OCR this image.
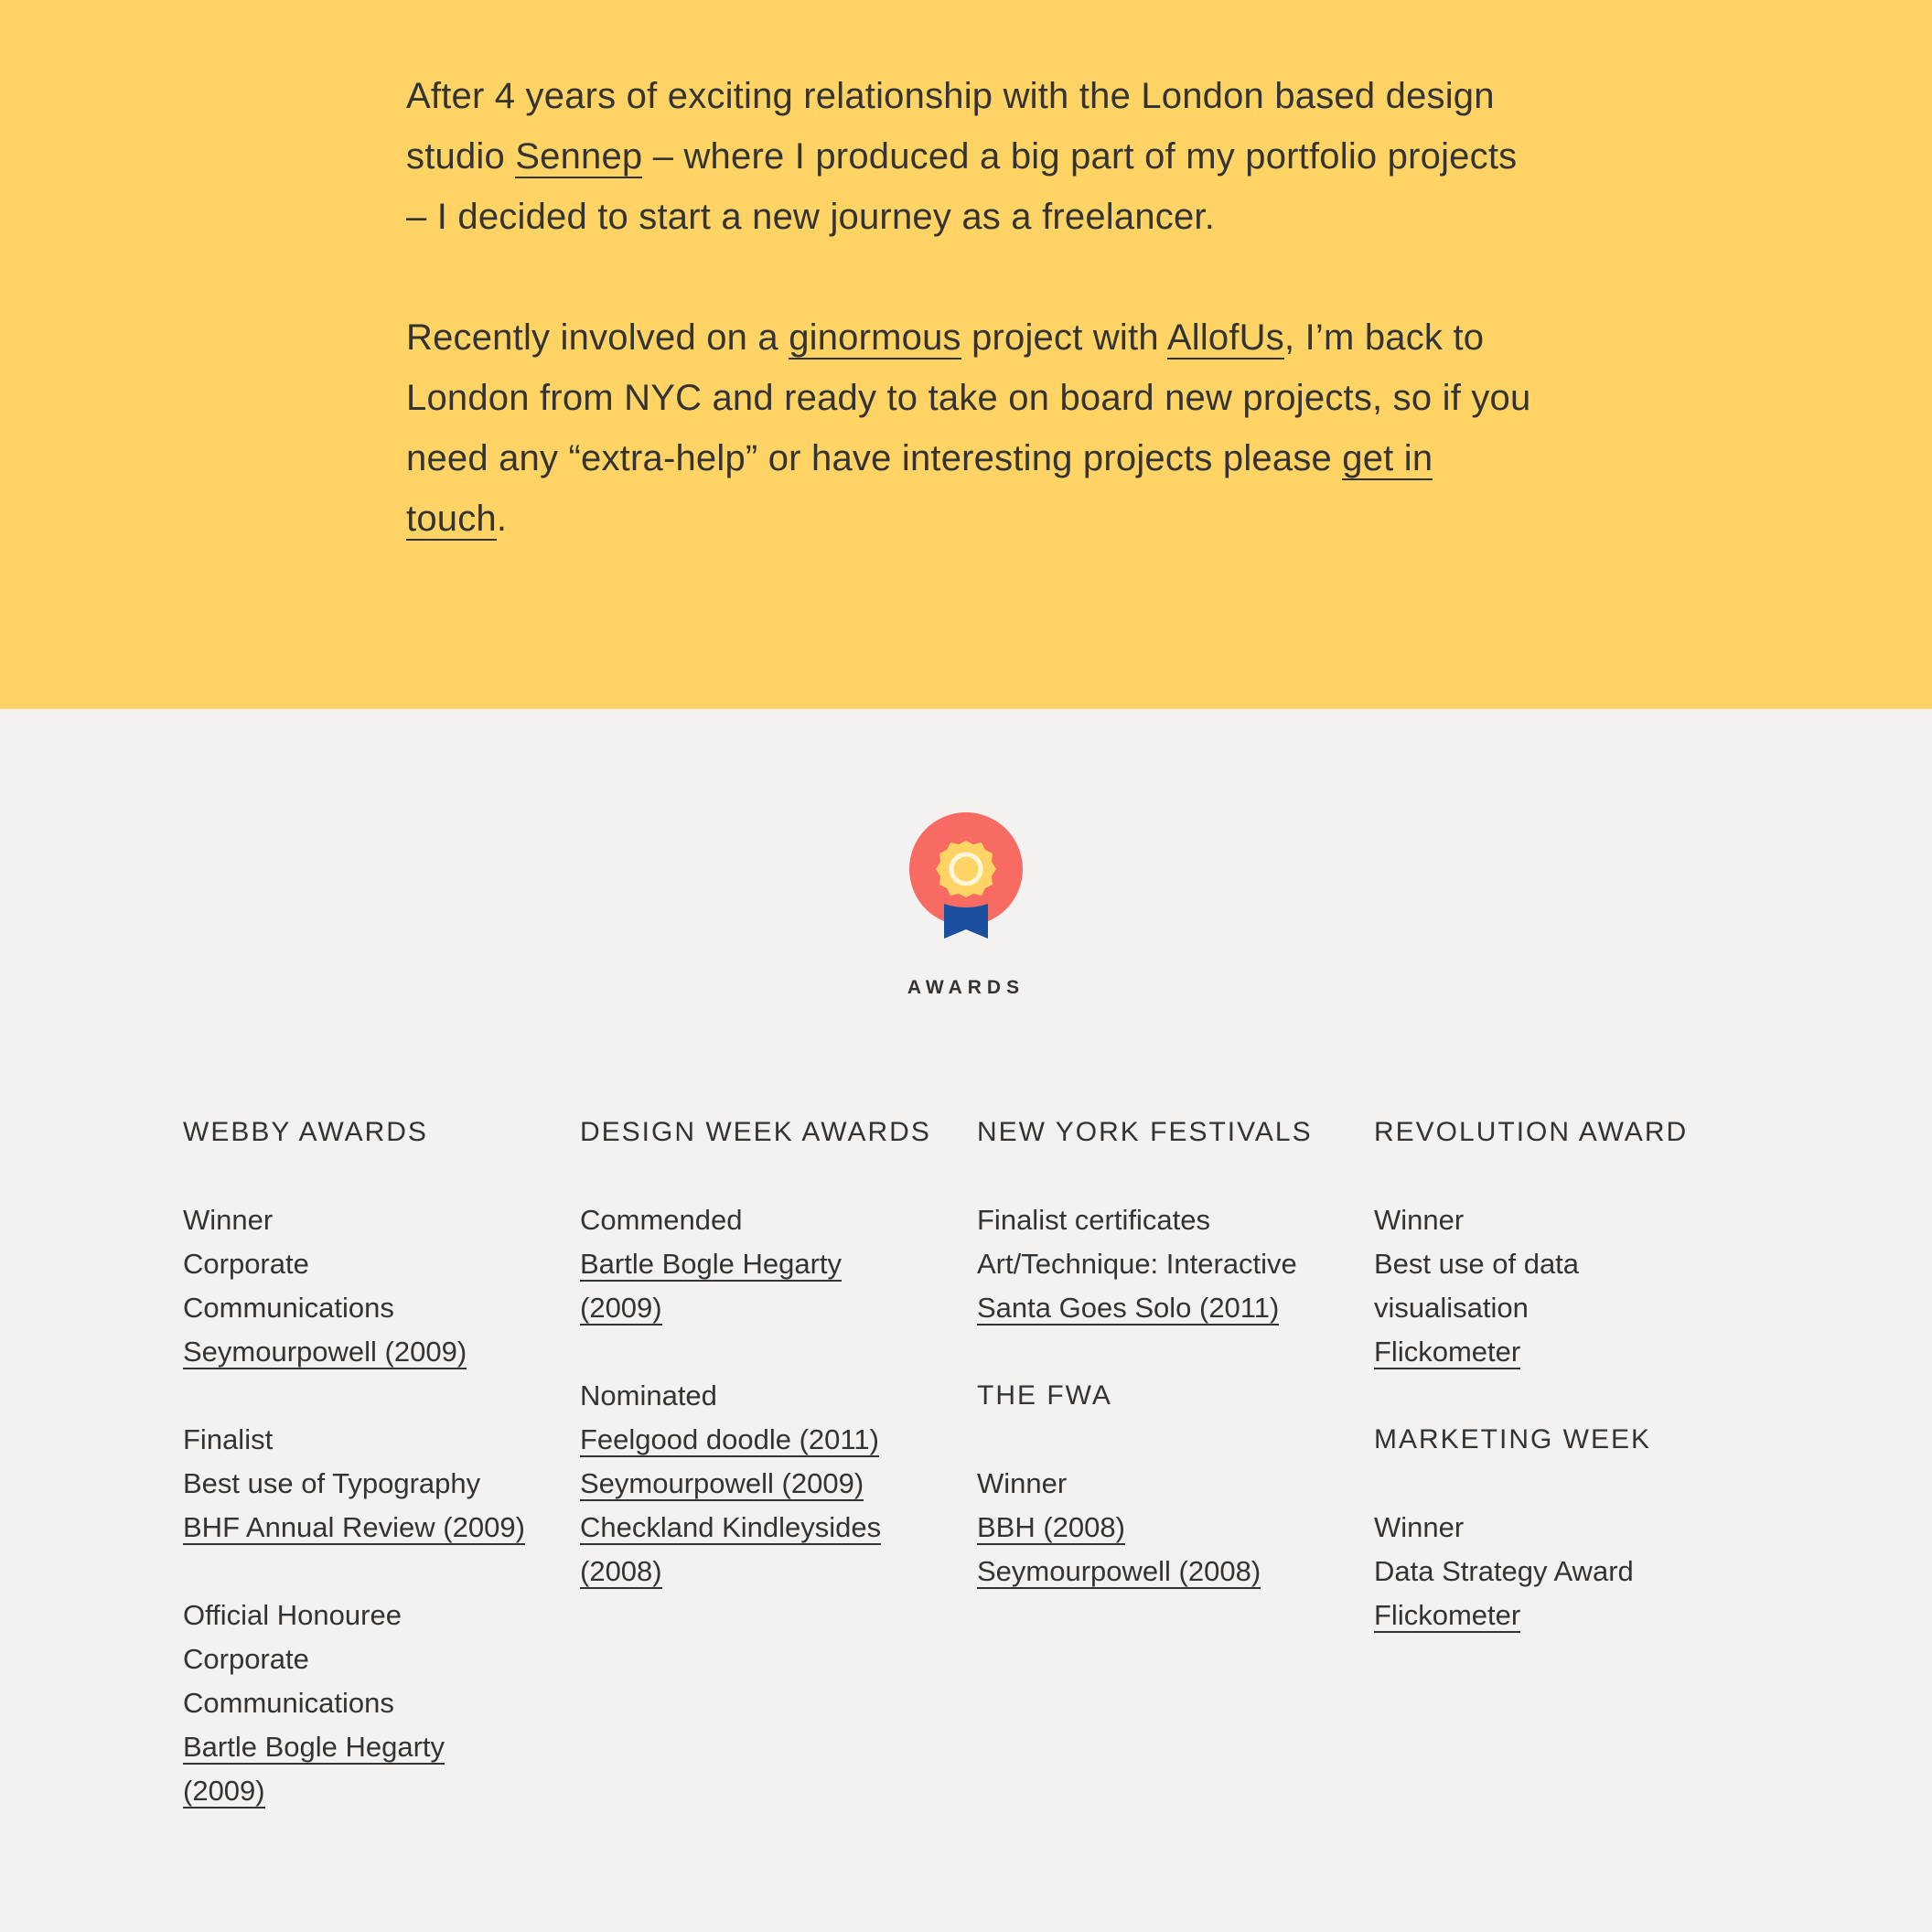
After 4 years of exciting relationship with the London based design studio Sennep – where I produced a big part of my portfolio projects – I decided to start a new journey as a freelancer.

Recently involved on a ginormous project with AllofUs, I’m back to London from NYC and ready to take on board new projects, so if you need any “extra-help” or have interesting projects please get in touch.

AWARDS
WEBBY AWARDS
Winner
Corporate
Communications
Seymourpowell (2009)
Finalist
Best use of Typography
BHF Annual Review (2009)
Official Honouree
Corporate
Communications
Bartle Bogle Hegarty
(2009)
DESIGN WEEK AWARDS
Commended
Bartle Bogle Hegarty
(2009)
Nominated
Feelgood doodle (2011)
Seymourpowell (2009)
Checkland Kindleysides
(2008)
NEW YORK FESTIVALS
Finalist certificates
Art/Technique: Interactive
Santa Goes Solo (2011)
THE FWA
Winner
BBH (2008)
Seymourpowell (2008)
REVOLUTION AWARD
Winner
Best use of data
visualisation
Flickometer
MARKETING WEEK
Winner
Data Strategy Award
Flickometer
